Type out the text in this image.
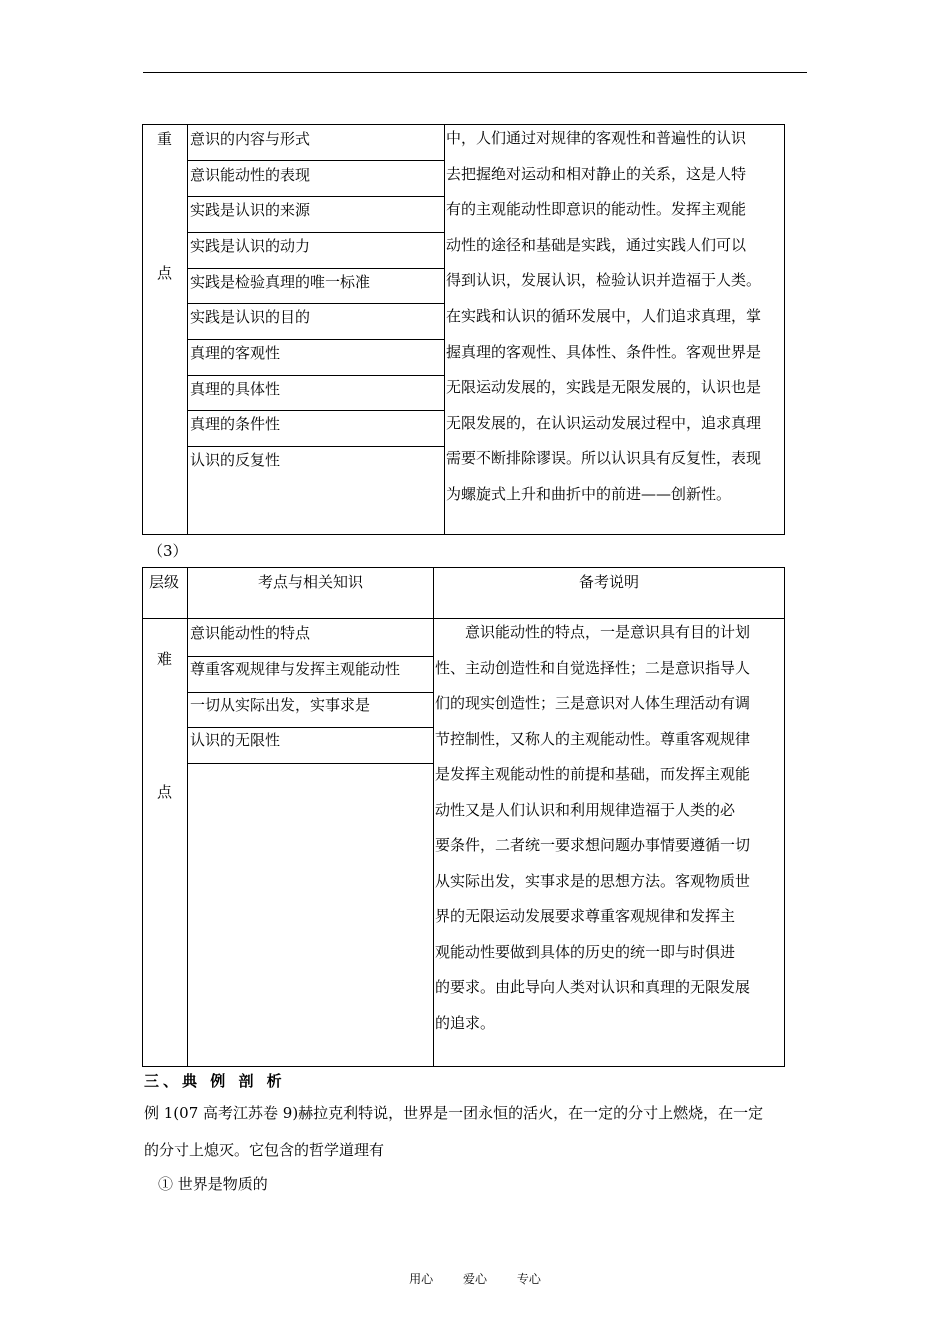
重
点
意识的内容与形式
意识能动性的表现
实践是认识的来源
实践是认识的动力
实践是检验真理的唯一标准
实践是认识的目的
真理的客观性
真理的具体性
真理的条件性
认识的反复性
中，人们通过对规律的客观性和普遍性的认识
去把握绝对运动和相对静止的关系，这是人特
有的主观能动性即意识的能动性。发挥主观能
动性的途径和基础是实践，通过实践人们可以
得到认识，发展认识，检验认识并造福于人类。
在实践和认识的循环发展中，人们追求真理，掌
握真理的客观性、具体性、条件性。客观世界是
无限运动发展的，实践是无限发展的，认识也是
无限发展的，在认识运动发展过程中，追求真理
需要不断排除谬误。所以认识具有反复性，表现
为螺旋式上升和曲折中的前进——创新性。
（3）
层级	考点与相关知识	备考说明
难
点
意识能动性的特点
尊重客观规律与发挥主观能动性
一切从实际出发，实事求是
认识的无限性
　　意识能动性的特点，一是意识具有目的计划
性、主动创造性和自觉选择性；二是意识指导人
们的现实创造性；三是意识对人体生理活动有调
节控制性，又称人的主观能动性。尊重客观规律
是发挥主观能动性的前提和基础，而发挥主观能
动性又是人们认识和利用规律造福于人类的必
要条件，二者统一要求想问题办事情要遵循一切
从实际出发，实事求是的思想方法。客观物质世
界的无限运动发展要求尊重客观规律和发挥主
观能动性要做到具体的历史的统一即与时俱进
的要求。由此导向人类对认识和真理的无限发展
的追求。
三、典 例 剖 析
例 1(07 高考江苏卷 9)赫拉克利特说，世界是一团永恒的活火，在一定的分寸上燃烧，在一定
的分寸上熄灭。它包含的哲学道理有
① 世界是物质的
用心 爱心 专心
